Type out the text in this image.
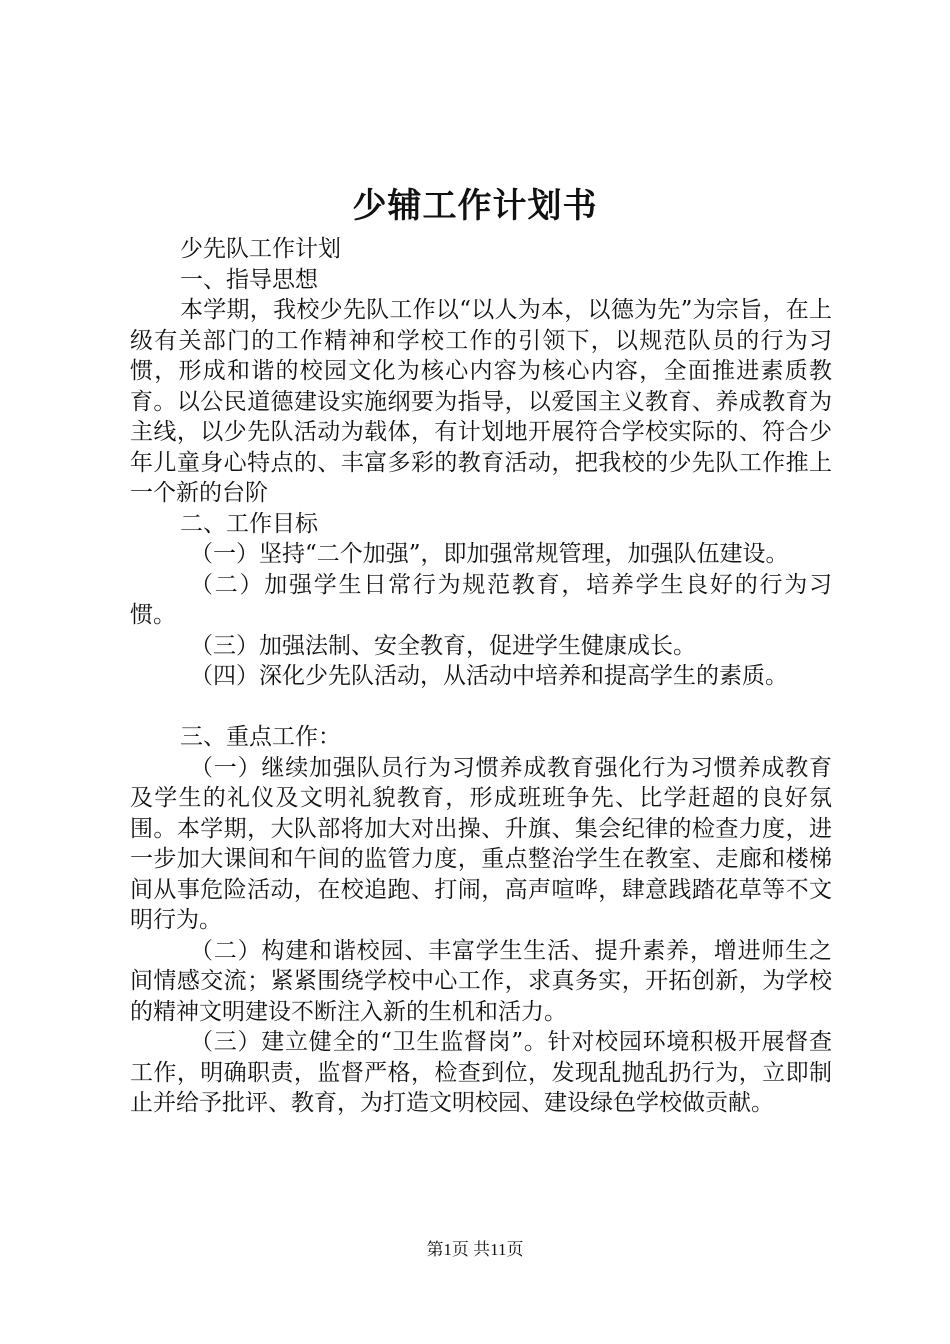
少辅工作计划书

少先队工作计划

一、指导思想

本学期，我校少先队工作以“以人为本，以德为先”为宗旨，在上级有关部门的工作精神和学校工作的引领下，以规范队员的行为习惯，形成和谐的校园文化为核心内容为核心内容，全面推进素质教育。以公民道德建设实施纲要为指导，以爱国主义教育、养成教育为主线，以少先队活动为载体，有计划地开展符合学校实际的、符合少年儿童身心特点的、丰富多彩的教育活动，把我校的少先队工作推上一个新的台阶

二、工作目标

（一）坚持“二个加强”，即加强常规管理，加强队伍建设。

（二）加强学生日常行为规范教育，培养学生良好的行为习惯。

（三）加强法制、安全教育，促进学生健康成长。

（四）深化少先队活动，从活动中培养和提高学生的素质。

三、重点工作：

（一）继续加强队员行为习惯养成教育强化行为习惯养成教育及学生的礼仪及文明礼貌教育，形成班班争先、比学赶超的良好氛围。本学期，大队部将加大对出操、升旗、集会纪律的检查力度，进一步加大课间和午间的监管力度，重点整治学生在教室、走廊和楼梯间从事危险活动，在校追跑、打闹，高声喧哗，肆意践踏花草等不文明行为。

（二）构建和谐校园、丰富学生生活、提升素养，增进师生之间情感交流；紧紧围绕学校中心工作，求真务实，开拓创新，为学校的精神文明建设不断注入新的生机和活力。

（三）建立健全的“卫生监督岗”。针对校园环境积极开展督查工作，明确职责，监督严格，检查到位，发现乱抛乱扔行为，立即制止并给予批评、教育，为打造文明校园、建设绿色学校做贡献。

第1页 共11页
